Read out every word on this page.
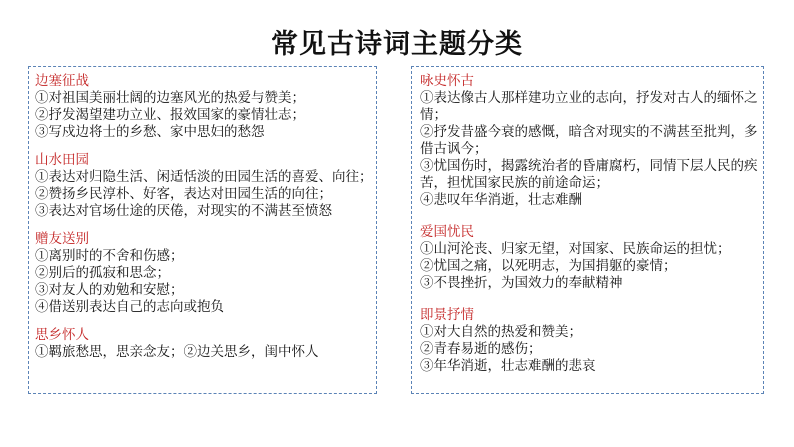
常见古诗词主题分类
边塞征战
①对祖国美丽壮阔的边塞风光的热爱与赞美；
②抒发渴望建功立业、报效国家的豪情壮志；
③写戍边将士的乡愁、家中思妇的愁怨
山水田园
①表达对归隐生活、闲适恬淡的田园生活的喜爱、向往；
②赞扬乡民淳朴、好客，表达对田园生活的向往；
③表达对官场仕途的厌倦，对现实的不满甚至愤怒
赠友送别
①离别时的不舍和伤感；
②别后的孤寂和思念；
③对友人的劝勉和安慰；
④借送别表达自己的志向或抱负
思乡怀人
①羁旅愁思，思亲念友；②边关思乡，闺中怀人
咏史怀古
①表达像古人那样建功立业的志向，抒发对古人的缅怀之情；
②抒发昔盛今衰的感慨，暗含对现实的不满甚至批判，多借古讽今；
③忧国伤时，揭露统治者的昏庸腐朽，同情下层人民的疾苦，担忧国家民族的前途命运；
④悲叹年华消逝，壮志难酬
爱国忧民
①山河沦丧、归家无望，对国家、民族命运的担忧；
②忧国之痛，以死明志，为国捐躯的豪情；
③不畏挫折，为国效力的奉献精神
即景抒情
①对大自然的热爱和赞美；
②青春易逝的感伤；
③年华消逝，壮志难酬的悲哀
